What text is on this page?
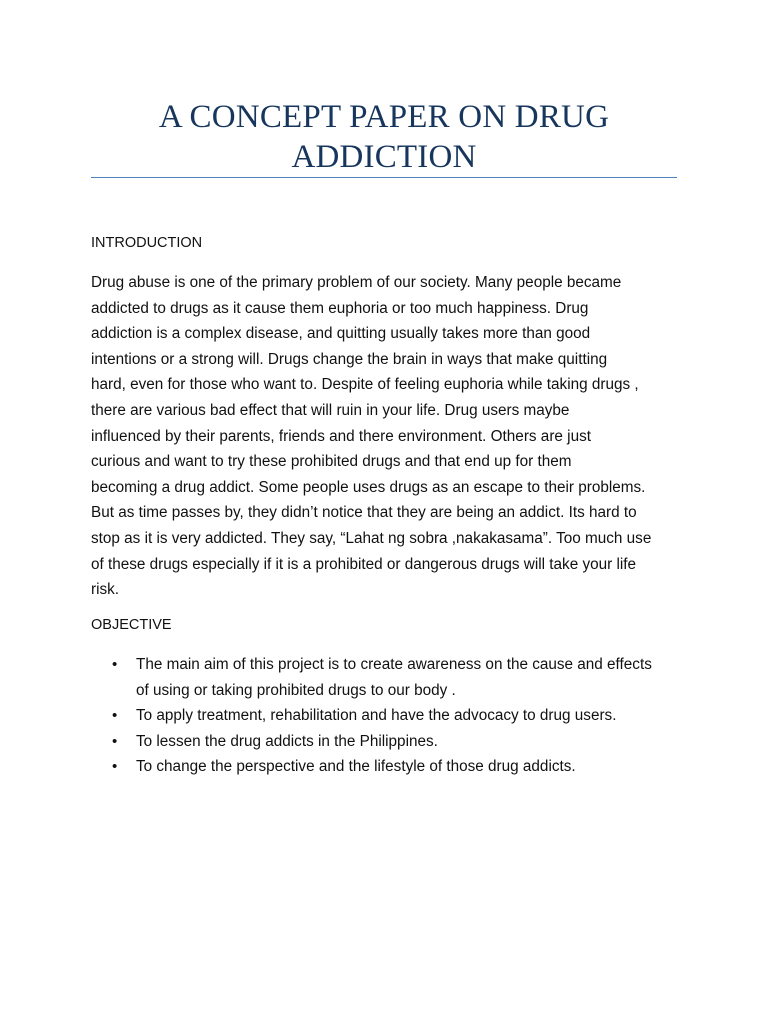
A CONCEPT PAPER ON DRUG
ADDICTION
INTRODUCTION
Drug abuse is one of the primary problem of our society. Many people became
addicted to drugs as it cause them euphoria or too much happiness. Drug
addiction is a complex disease, and quitting usually takes more than good
intentions or a strong will. Drugs change the brain in ways that make quitting
hard, even for those who want to. Despite of feeling euphoria while taking drugs ,
there are various bad effect that will ruin in your life. Drug users maybe
influenced by their parents, friends and there environment. Others are just
curious and want to try these prohibited drugs and that end up for them
becoming a drug addict. Some people uses drugs as an escape to their problems.
But as time passes by, they didn’t notice that they are being an addict. Its hard to
stop as it is very addicted. They say, “Lahat ng sobra ,nakakasama”. Too much use
of these drugs especially if it is a prohibited or dangerous drugs will take your life
risk.
OBJECTIVE
• The main aim of this project is to create awareness on the cause and effects
of using or taking prohibited drugs to our body .
• To apply treatment, rehabilitation and have the advocacy to drug users.
• To lessen the drug addicts in the Philippines.
• To change the perspective and the lifestyle of those drug addicts.
